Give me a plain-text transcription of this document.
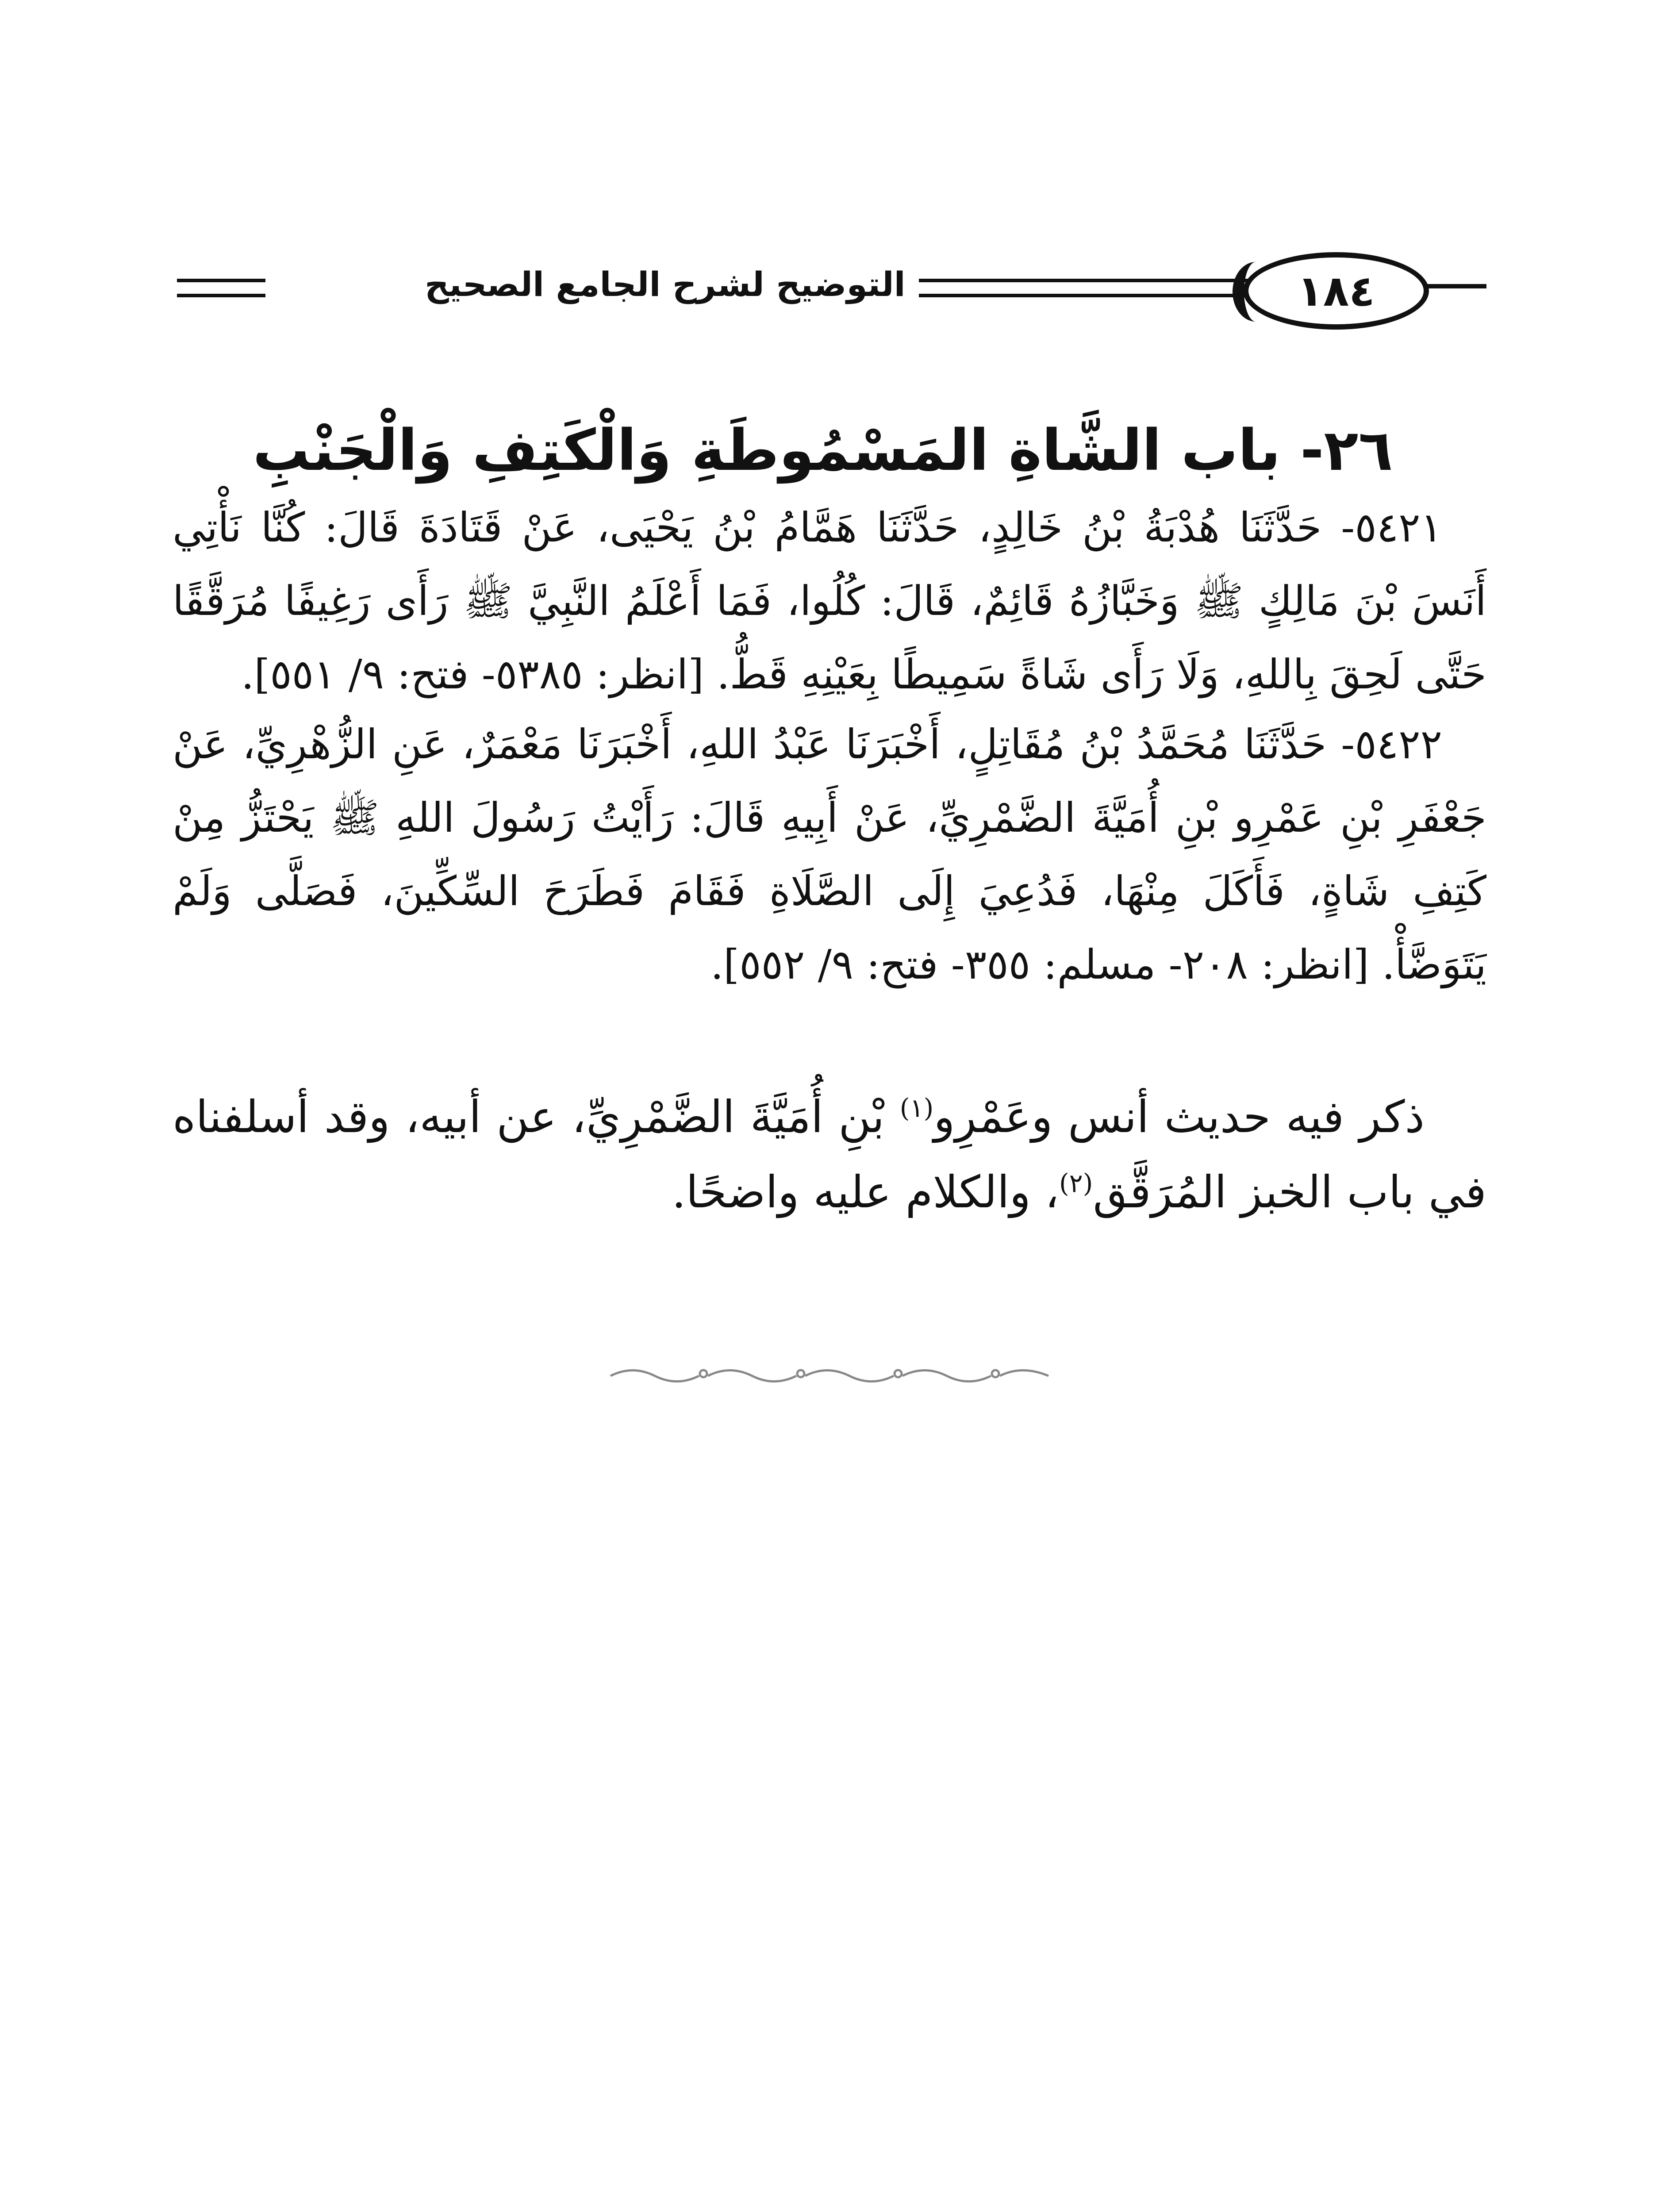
١٨٤
التوضيح لشرح الجامع الصحيح
٢٦- باب الشَّاةِ المَسْمُوطَةِ وَالْكَتِفِ وَالْجَنْبِ

٥٤٢١- حَدَّثَنَا هُدْبَةُ بْنُ خَالِدٍ، حَدَّثَنَا هَمَّامُ بْنُ يَحْيَى، عَنْ قَتَادَةَ قَالَ: كُنَّا نَأْتِي أَنَسَ بْنَ مَالِكٍ ﷺ وَخَبَّازُهُ قَائِمٌ، قَالَ: كُلُوا، فَمَا أَعْلَمُ النَّبِيَّ ﷺ رَأَى رَغِيفًا مُرَقَّقًا حَتَّى لَحِقَ بِاللهِ، وَلَا رَأَى شَاةً سَمِيطًا بِعَيْنِهِ قَطُّ. [انظر: ٥٣٨٥- فتح: ٩/ ٥٥١].

٥٤٢٢- حَدَّثَنَا مُحَمَّدُ بْنُ مُقَاتِلٍ، أَخْبَرَنَا عَبْدُ اللهِ، أَخْبَرَنَا مَعْمَرٌ، عَنِ الزُّهْرِيِّ، عَنْ جَعْفَرِ بْنِ عَمْرِو بْنِ أُمَيَّةَ الضَّمْرِيِّ، عَنْ أَبِيهِ قَالَ: رَأَيْتُ رَسُولَ اللهِ ﷺ يَحْتَزُّ مِنْ كَتِفِ شَاةٍ، فَأَكَلَ مِنْهَا، فَدُعِيَ إِلَى الصَّلَاةِ فَقَامَ فَطَرَحَ السِّكِّينَ، فَصَلَّى وَلَمْ يَتَوَضَّأْ. [انظر: ٢٠٨- مسلم: ٣٥٥- فتح: ٩/ ٥٥٢].

ذكر فيه حديث أنس وعَمْرِو$^{(١)}$ بْنِ أُمَيَّةَ الضَّمْرِيِّ، عن أبيه، وقد أسلفناه في باب الخبز المُرَقَّق$^{(٢)}$، والكلام عليه واضحًا.
